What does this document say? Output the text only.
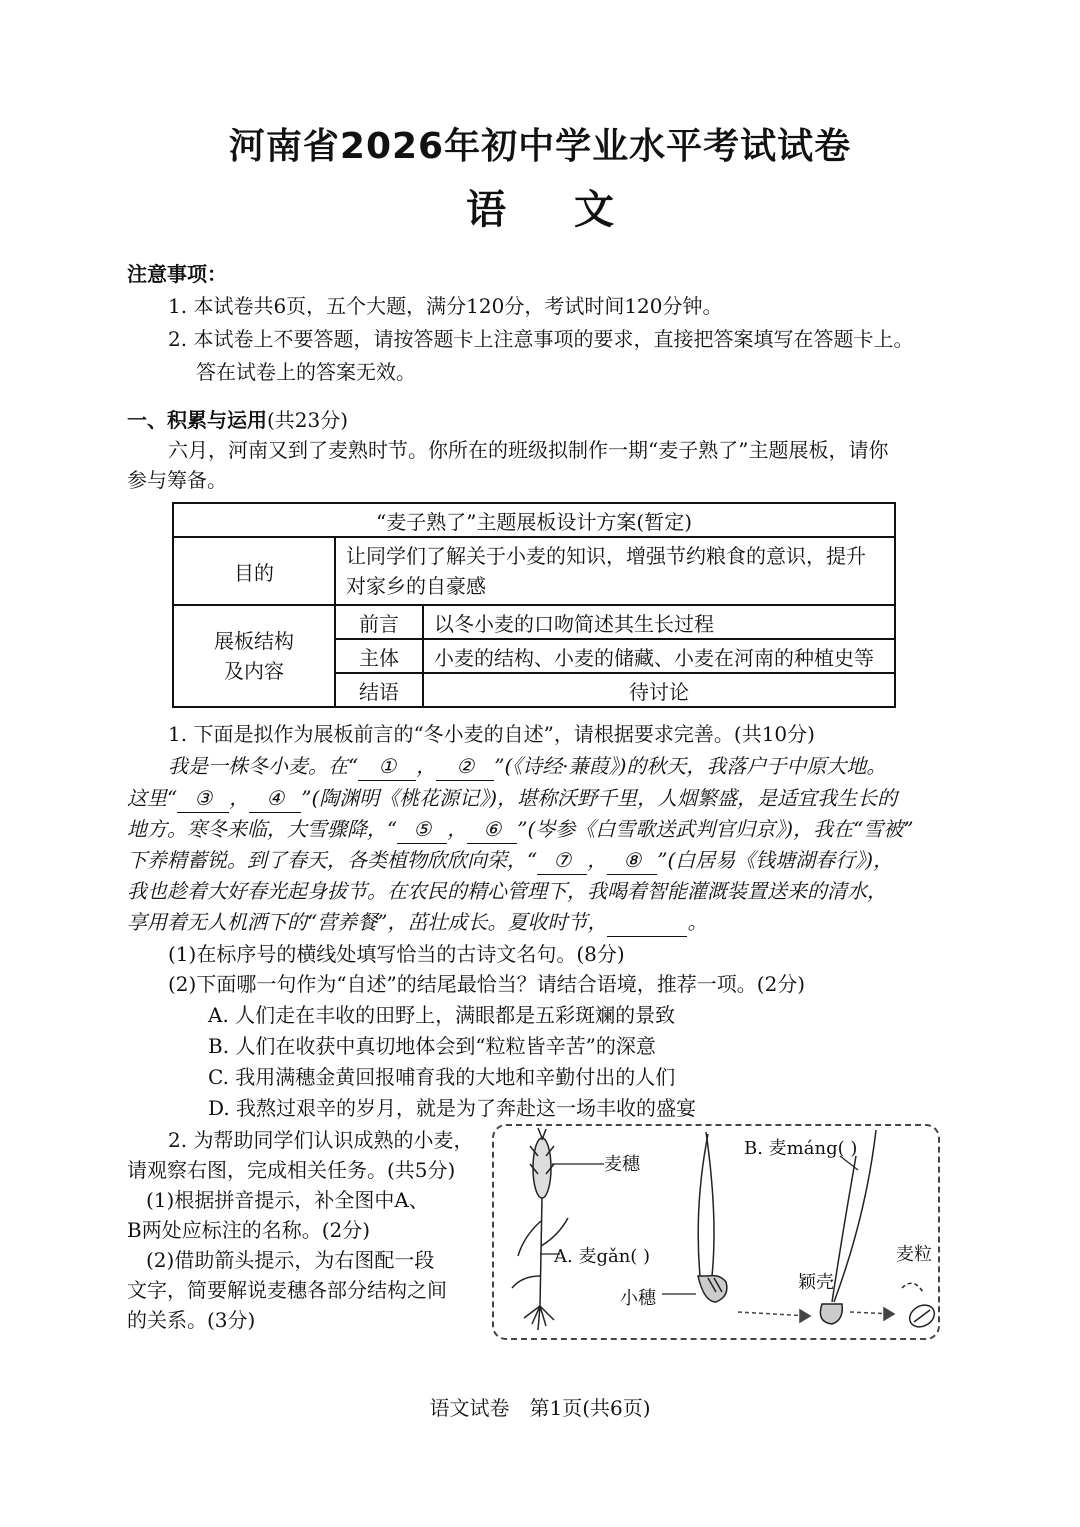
河南省2026年初中学业水平考试试卷
语 文
注意事项：
1. 本试卷共6页，五个大题，满分120分，考试时间120分钟。
2. 本试卷上不要答题，请按答题卡上注意事项的要求，直接把答案填写在答题卡上。
答在试卷上的答案无效。
一、积累与运用(共23分)
六月，河南又到了麦熟时节。你所在的班级拟制作一期“麦子熟了”主题展板，请你
参与筹备。
“麦子熟了”主题展板设计方案(暂定)		
目的	让同学们了解关于小麦的知识，增强节约粮食的意识，提升
对家乡的自豪感	
展板结构
及内容	前言	以冬小麦的口吻简述其生长过程
	主体	小麦的结构、小麦的储藏、小麦在河南的种植史等
	结语	待讨论
1. 下面是拟作为展板前言的“冬小麦的自述”，请根据要求完善。(共10分)
我是一株冬小麦。在“ ① ， ② ”(《诗经·蒹葭》)的秋天，我落户于中原大地。
这里“ ③ ， ④ ”(陶渊明《桃花源记》)，堪称沃野千里，人烟繁盛，是适宜我生长的
地方。寒冬来临，大雪骤降，“ ⑤ ， ⑥ ”(岑参《白雪歌送武判官归京》)，我在“雪被”
下养精蓄锐。到了春天，各类植物欣欣向荣，“ ⑦ ， ⑧ ”(白居易《钱塘湖春行》)，
我也趁着大好春光起身拔节。在农民的精心管理下，我喝着智能灌溉装置送来的清水，
享用着无人机洒下的“营养餐”，茁壮成长。夏收时节，	。
(1)在标序号的横线处填写恰当的古诗文名句。(8分)
(2)下面哪一句作为“自述”的结尾最恰当？请结合语境，推荐一项。(2分)
A. 人们走在丰收的田野上，满眼都是五彩斑斓的景致
B. 人们在收获中真切地体会到“粒粒皆辛苦”的深意
C. 我用满穗金黄回报哺育我的大地和辛勤付出的人们
D. 我熬过艰辛的岁月，就是为了奔赴这一场丰收的盛宴
2. 为帮助同学们认识成熟的小麦，
请观察右图，完成相关任务。(共5分)
(1)根据拼音提示，补全图中A、
B两处应标注的名称。(2分)
(2)借助箭头提示，为右图配一段
文字，简要解说麦穗各部分结构之间
的关系。(3分)
麦穗
A. 麦gǎn( )
B. 麦máng( )
小穗
颖壳
麦粒
语文试卷　第1页(共6页)
